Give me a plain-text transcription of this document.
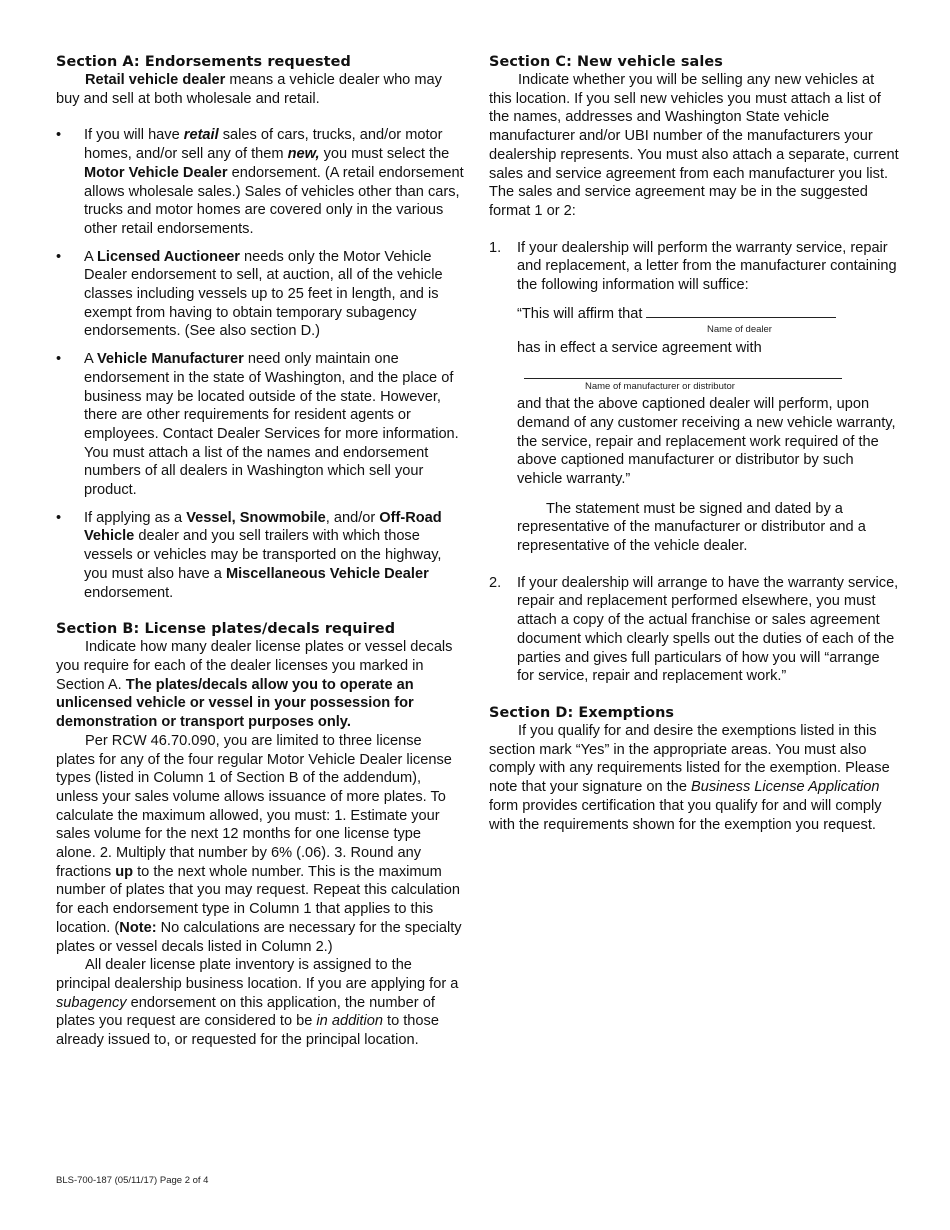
Section A: Endorsements requested

Retail vehicle dealer means a vehicle dealer who may buy and sell at both wholesale and retail.

• If you will have retail sales of cars, trucks, and/or motor homes, and/or sell any of them new, you must select the Motor Vehicle Dealer endorsement. (A retail endorsement allows wholesale sales.) Sales of vehicles other than cars, trucks and motor homes are covered only in the various other retail endorsements.
• A Licensed Auctioneer needs only the Motor Vehicle Dealer endorsement to sell, at auction, all of the vehicle classes including vessels up to 25 feet in length, and is exempt from having to obtain temporary subagency endorsements. (See also section D.)
• A Vehicle Manufacturer need only maintain one endorsement in the state of Washington, and the place of business may be located outside of the state. However, there are other requirements for resident agents or employees. Contact Dealer Services for more information. You must attach a list of the names and endorsement numbers of all dealers in Washington which sell your product.
• If applying as a Vessel, Snowmobile, and/or Off-Road Vehicle dealer and you sell trailers with which those vessels or vehicles may be transported on the highway, you must also have a Miscellaneous Vehicle Dealer endorsement.
Section B: License plates/decals required

Indicate how many dealer license plates or vessel decals you require for each of the dealer licenses you marked in Section A. The plates/decals allow you to operate an unlicensed vehicle or vessel in your possession for demonstration or transport purposes only.

Per RCW 46.70.090, you are limited to three license plates for any of the four regular Motor Vehicle Dealer license types (listed in Column 1 of Section B of the addendum), unless your sales volume allows issuance of more plates. To calculate the maximum allowed, you must: 1. Estimate your sales volume for the next 12 months for one license type alone. 2. Multiply that number by 6% (.06). 3. Round any fractions up to the next whole number. This is the maximum number of plates that you may request. Repeat this calculation for each endorsement type in Column 1 that applies to this location. (Note: No calculations are necessary for the specialty plates or vessel decals listed in Column 2.)

All dealer license plate inventory is assigned to the principal dealership business location. If you are applying for a subagency endorsement on this application, the number of plates you request are considered to be in addition to those already issued to, or requested for the principal location.

Section C: New vehicle sales

Indicate whether you will be selling any new vehicles at this location. If you sell new vehicles you must attach a list of the names, addresses and Washington State vehicle manufacturer and/or UBI number of the manufacturers your dealership represents. You must also attach a separate, current sales and service agreement from each manufacturer you list. The sales and service agreement may be in the suggested format 1 or 2:

1. If your dealership will perform the warranty service, repair and replacement, a letter from the manufacturer containing the following information will suffice:

“This will affirm that

Name of dealer

has in effect a service agreement with

Name of manufacturer or distributor

and that the above captioned dealer will perform, upon demand of any customer receiving a new vehicle warranty, the service, repair and replacement work required of the above captioned manufacturer or distributor by such vehicle warranty.”

The statement must be signed and dated by a representative of the manufacturer or distributor and a representative of the vehicle dealer.

2. If your dealership will arrange to have the warranty service, repair and replacement performed elsewhere, you must attach a copy of the actual franchise or sales agreement document which clearly spells out the duties of each of the parties and gives full particulars of how you will “arrange for service, repair and replacement work.”

Section D: Exemptions

If you qualify for and desire the exemptions listed in this section mark “Yes” in the appropriate areas. You must also comply with any requirements listed for the exemption. Please note that your signature on the Business License Application form provides certification that you qualify for and will comply with the requirements shown for the exemption you request.

BLS-700-187 (05/11/17) Page 2 of 4
